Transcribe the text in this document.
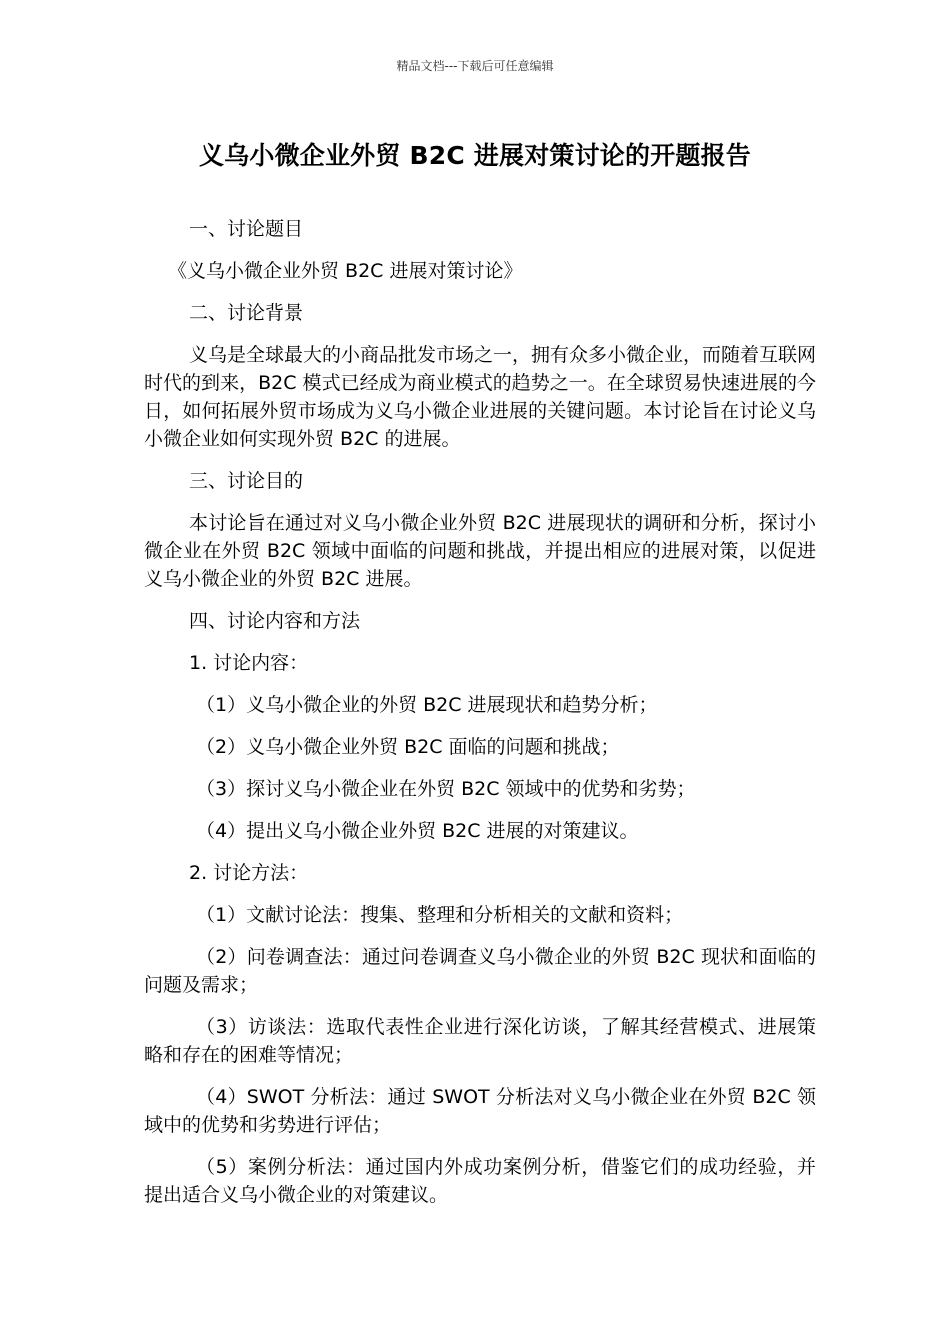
精品文档---下载后可任意编辑
义乌小微企业外贸 B2C 进展对策讨论的开题报告

一、讨论题目

《义乌小微企业外贸 B2C 进展对策讨论》

二、讨论背景

义乌是全球最大的小商品批发市场之一，拥有众多小微企业，而随着互联网时代的到来，B2C 模式已经成为商业模式的趋势之一。在全球贸易快速进展的今日，如何拓展外贸市场成为义乌小微企业进展的关键问题。本讨论旨在讨论义乌小微企业如何实现外贸 B2C 的进展。

三、讨论目的

本讨论旨在通过对义乌小微企业外贸 B2C 进展现状的调研和分析，探讨小微企业在外贸 B2C 领域中面临的问题和挑战，并提出相应的进展对策，以促进义乌小微企业的外贸 B2C 进展。

四、讨论内容和方法

1. 讨论内容：

（1）义乌小微企业的外贸 B2C 进展现状和趋势分析；

（2）义乌小微企业外贸 B2C 面临的问题和挑战；

（3）探讨义乌小微企业在外贸 B2C 领域中的优势和劣势；

（4）提出义乌小微企业外贸 B2C 进展的对策建议。

2. 讨论方法：

（1）文献讨论法：搜集、整理和分析相关的文献和资料；

（2）问卷调查法：通过问卷调查义乌小微企业的外贸 B2C 现状和面临的问题及需求；

（3）访谈法：选取代表性企业进行深化访谈，了解其经营模式、进展策略和存在的困难等情况；

（4）SWOT 分析法：通过 SWOT 分析法对义乌小微企业在外贸 B2C 领域中的优势和劣势进行评估；

（5）案例分析法：通过国内外成功案例分析，借鉴它们的成功经验，并提出适合义乌小微企业的对策建议。
